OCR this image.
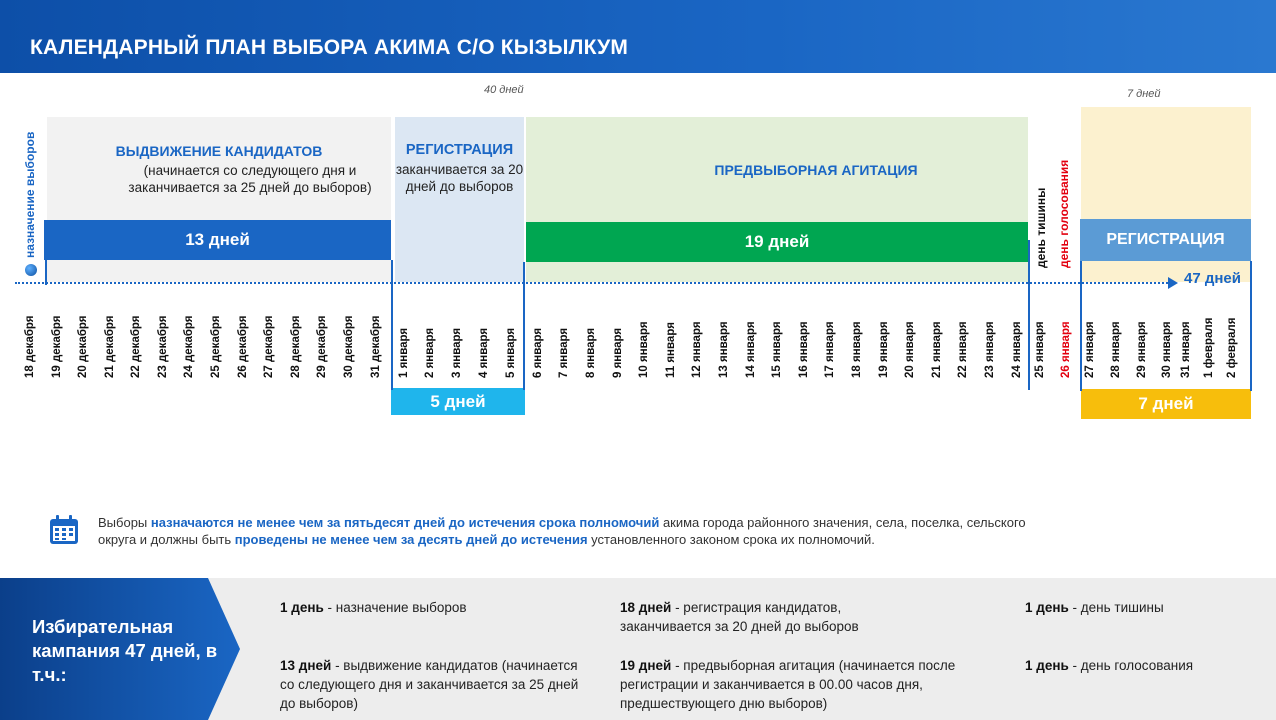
КАЛЕНДАРНЫЙ ПЛАН ВЫБОРА АКИМА С/О КЫЗЫЛКУМ
40 дней	7 дней
ВЫДВИЖЕНИЕ КАНДИДАТОВ
(начинается со следующего дня и заканчивается за 25 дней до выборов)
РЕГИСТРАЦИЯ
заканчивается за 20 дней до выборов
ПРЕДВЫБОРНАЯ АГИТАЦИЯ
13 дней	19 дней	РЕГИСТРАЦИЯ
5 дней	7 дней
47 дней
назначение выборов	день тишины день голосования
18 декабря 19 декабря 20 декабря 21 декабря 22 декабря 23 декабря 24 декабря 25 декабря 26 декабря 27 декабря 28 декабря 29 декабря 30 декабря 31 декабря 1 января 2 января 3 января 4 января 5 января 6 января 7 января 8 января 9 января 10 января 11 января 12 января 13 января 14 января 15 января 16 января 17 января 18 января 19 января 20 января 21 января 22 января 23 января 24 января 25 января 26 января 27 января 28 января 29 января 30 января 31 января 1 февраля 2 февраля
Выборы назначаются не менее чем за пятьдесят дней до истечения срока полномочий акима города районного значения, села, поселка, сельского округа и должны быть проведены не менее чем за десять дней до истечения установленного законом срока их полномочий.
Избирательная кампания 47 дней, в т.ч.:
1 день - назначение выборов	18 дней - регистрация кандидатов, заканчивается за 20 дней до выборов
1 день - день тишины
13 дней - выдвижение кандидатов (начинается со следующего дня и заканчивается за 25 дней до выборов)
19 дней - предвыборная агитация (начинается после регистрации и заканчивается в 00.00 часов дня, предшествующего дню выборов)
1 день - день голосования
